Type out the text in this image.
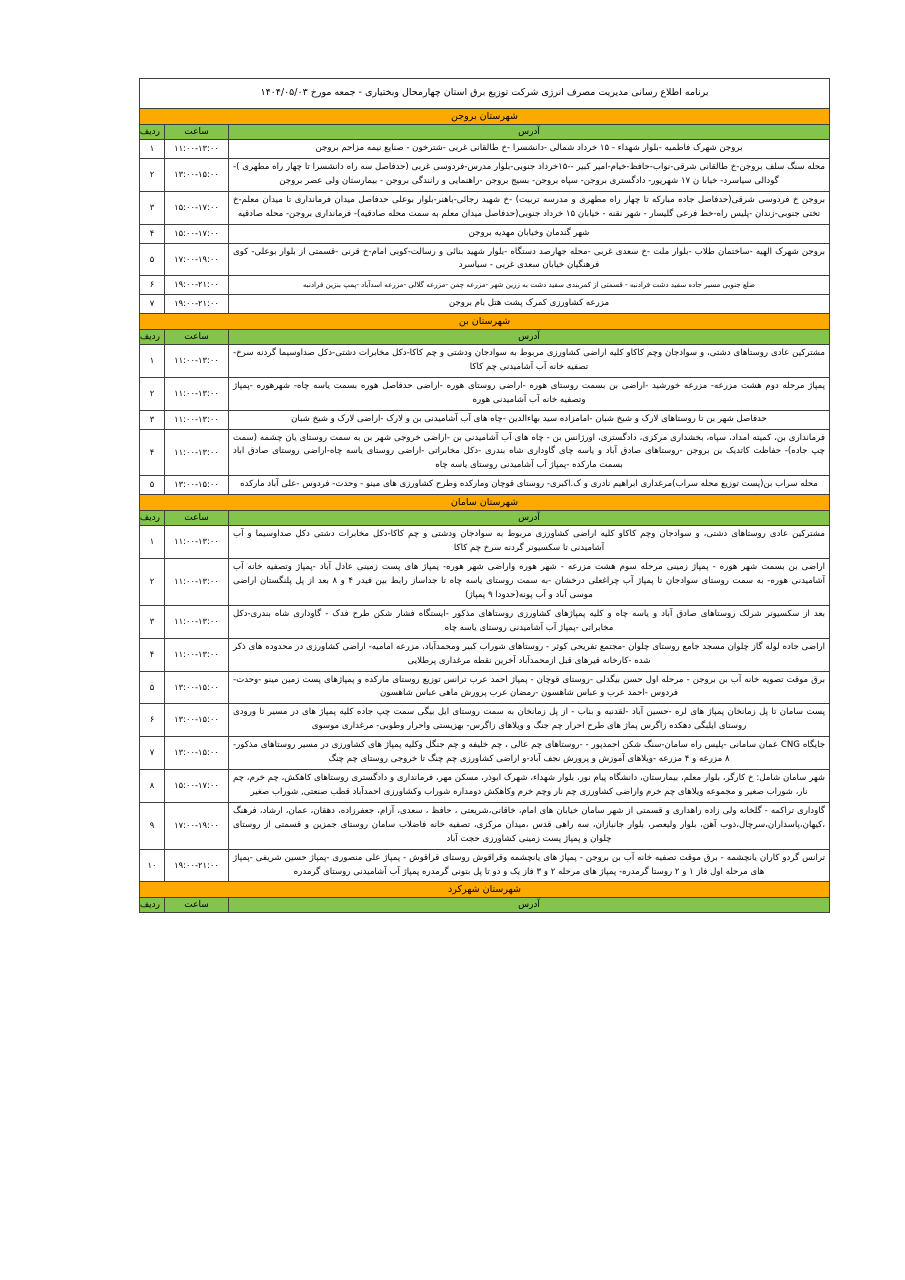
برنامه اطلاع رسانی مدیریت مصرف انرژی شرکت توزیع برق استان چهارمحال وبختیاری - جمعه مورخ ۱۴۰۴/۰۵/۰۳		
شهرستان بروجن		
آدرس	ساعت	ردیف
بروجن شهرک فاطمیه -بلوار شهداء - ۱۵ خرداد شمالی -دانشسرا -خ طالقانی غربی -شترخون - صنایع نیمه مزاحم بروجن	۱۱:۰۰-۱۳:۰۰	۱
محله سنگ سلف بروجن-خ طالقانی شرقی-نواب-حافظ-خیام-امیر کبیر --۱۵خرداد جنوبی-بلوار مدرس-فردوسی غربی (حدفاصل سه راه دانشسرا تا چهار راه مطهری )-گودالی سیاسرد- خیابا ن ۱۷ شهریور- دادگستری بروجن- سپاه بروجن- بسیج بروجن -راهنمایی و رانندگی بروجن - بیمارستان ولی عصر بروجن	۱۳:۰۰-۱۵:۰۰	۲
بروجن خ فردوسی شرقی(حدفاصل جاده مبارکه تا چهار راه مطهری و مدرسه تربیت) -خ شهید رجائی-باهنر-بلوار بوعلی حدفاصل میدان فرمانداری تا میدان معلم-خ تختی جنوبی-زندان -پلیس راه-خط فرعی گلیسار - شهر نقنه - خیابان ۱۵ خرداد جنوبی(حدفاصل میدان معلم به سمت محله صادقیه)- فرمانداری بروجن- محله صادقیه	۱۵:۰۰-۱۷:۰۰	۳
شهر گندمان وخیابان مهدیه بروجن	۱۵:۰۰-۱۷:۰۰	۴
بروجن شهرک الهیه -ساختمان طلاب -بلوار ملت -خ سعدی غربی -محله جهارصد دستگاه -بلوار شهید بنائی و رسالت-کوبی امام-خ قرنی -قسمتی از بلوار بوعلی- کوی فرهنگیان خیابان سعدی غربی - سیاسرد	۱۷:۰۰-۱۹:۰۰	۵
ضلع جنوبی مسیر جاده سفید دشت فرادنبه - قسمتی از کمربندی سفید دشت به زرین شهر -مزرعه چمن -مزرعه گلالی -مزرعه اسدآباد -پمپ بنزین فرادنبه	۱۹:۰۰-۲۱:۰۰	۶
مزرعه کشاورزی کمرک پشت هتل بام بروجن	۱۹:۰۰-۲۱:۰۰	۷
شهرستان بن		
آدرس	ساعت	ردیف
مشترکین عادی روستاهای دشتی، و سوادجان وچم کاکاو کلیه اراضی کشاورزی مربوط به سوادجان ودشتی و چم کاکا-دکل مخابرات دشتی-دکل صداوسیما گردنه سرخ-تصفیه خانه آب آشامیدنی چم کاکا	۱۱:۰۰-۱۳:۰۰	۱
پمپاژ مرحله دوم هشت مزرعه- مزرعه خورشید -اراضی بن بسمت روستای هوره -اراضی روستای هوره -اراضی حدفاصل هوره بسمت یاسه چاه- شهرهوره -پمپاژ وتصفیه خانه آب آشامیدنی هوره	۱۱:۰۰-۱۳:۰۰	۲
حدفاصل شهر بن تا روستاهای لارک و شیخ شبان -امامزاده سید بهاءالدین -چاه های آب آشامیدنی بن و لارک -اراضی لارک و شیخ شبان	۱۱:۰۰-۱۳:۰۰	۳
فرمانداری بن، کمیته امداد، سپاه، بخشداری مرکزی، دادگستری، اورژانس بن - چاه های آب آشامیدنی بن -اراضی خروجی شهر بن به سمت روستای یان چشمه (سمت چپ جاده)- حفاظت کاتدیک بن بروجن -روستاهای صادق آباد و یاسه چای گاوداری شاه بندری -دکل مخابراتی -اراضی روستای یاسه چاه-اراضی روستای صادق اباد بسمت مارکده -پمپاژ آب آشامیدنی روستای یاسه چاه	۱۱:۰۰-۱۳:۰۰	۴
محله سراب بن(پست توزیع محله سراب)مرغداری ابراهیم نادری و ک.اکبری- روستای قوچان ومارکده وطرح کشاورزی های مینو - وحدت- فردوس -علی آباد مارکده	۱۳:۰۰-۱۵:۰۰	۵
شهرستان سامان		
آدرس	ساعت	ردیف
مشترکین عادی روستاهای دشتی، و سوادجان وچم کاکاو کلیه اراضی کشاورزی مربوط به سوادجان ودشتی و چم کاکا-دکل مخابرات دشتی دکل صداوسیما و آب آشامیدنی تا سکسیونر گردنه سرخ چم کاکا	۱۱:۰۰-۱۳:۰۰	۱
اراضی بن بسمت شهر هوره - پمپاژ زمینی مرحله سوم هشت مزرعه - شهر هوره واراضی شهر هوره- پمپاژ های پست زمینی عادل آباد -پمپاژ وتصفیه خانه آب آشامیدنی هوره- به سمت روستای سوادجان تا پمپاژ آب چراغعلی درخشان -به سمت روستای یاسه چاه تا جداساز رابط بین فیدر ۴ و ۸ بعد از پل پلنگستان اراضی موسی آباد و آب پونه(حدودا ۹ پمپاژ)	۱۱:۰۰-۱۳:۰۰	۲
بعد از سکسیونر شرلک روستاهای صادق آباد و یاسه چاه و کلیه پمپاژهای کشاورزی روستاهای مذکور -ایستگاه فشار شکن طرح فدک - گاوداری شاه بندری-دکل مخابراتی -پمپاژ آب آشامیدنی روستای یاسه چاه	۱۱:۰۰-۱۳:۰۰	۳
اراضی جاده لوله گاز چلوان مسجد جامع روستای چلوان -مجتمع تفریحی کوثر - روستاهای شوراب کبیر ومحمدآباد، مزرعه امامیه- اراضی کشاورزی در محدوده های ذکر شده -کارخانه قیرهای قبل ازمحمدآباد آخرین نقطه مرغداری پرطلایی	۱۱:۰۰-۱۳:۰۰	۴
برق موقت تصویه خانه آب بن بروجن - مرحله اول حسن بیگدلی -روستای قوچان - پمپاژ احمد عرب ترانس توزیع روستای مارکده و پمپاژهای پست زمین مینو -وحدت- فردوس -احمد عرب و عباس شاهسون -رمضان عرب پرورش ماهی عباس شاهسون	۱۳:۰۰-۱۵:۰۰	۵
پست سامان تا پل زمانخان پمپاژ های لره -حسین آباد -لقدنبه و بناب - از پل زمانخان به سمت روستای ایل بیگی سمت چپ جاده کلیه پمپاژ های در مسیر تا ورودی روستای ایلبگی دهکده زاگرس پماژ های طرح احرار چم جنگ و ویلاهای زاگرس- بهزیستی واحرار وطوبی- مرغداری موسوی	۱۳:۰۰-۱۵:۰۰	۶
جایگاه CNG عمان سامانی -پلیس راه سامان-سنگ شکن احمدپور - -روستاهای چم عالی ، چم خلیفه و چم جنگل وکلیه پمپاژ های کشاورزی در مسیر روستاهای مذکور- ۸ مزرعه و ۴ مزرعه -ویلاهای آموزش و پرورش نجف آباد-و اراضی کشاورزی چم چنگ تا خروجی روستای چم چنگ	۱۳:۰۰-۱۵:۰۰	۷
شهر سامان شامل: خ کارگر، بلوار معلم، بیمارستان، دانشگاه پیام نور، بلوار شهداء، شهرک ابوذر، مسکن مهر، فرمانداری و دادگستری روستاهای کاهکش، چم خرم، چم نار، شوراب صغیر و مجموعه ویلاهای چم خرم واراضی کشاورزی چم نار وچم خرم وکاهکش دومداره شوراب وکشاورزی احمدآباد قطب صنعتی, شوراب صغیر	۱۵:۰۰-۱۷:۰۰	۸
گاوداری تراکمه - گلخانه ولی زاده راهداری و قسمتی از شهر سامان خیابان های امام، خاقانی،شریعتی ، حافظ ، سعدی، آرام، جعفرزاده، دهقان، عمان، ارشاد، فرهنگ ،کیهان،پاسداران،سرچال،ذوب آهن، بلوار ولیعصر، بلوار جانبازان، سه راهی قدس ،میدان مرکزی، تصفیه خانه فاضلاب سامان روستای جمزین و قسمتی از روستای چلوان و پمپاژ پست زمینی کشاورزی حجت آباد	۱۷:۰۰-۱۹:۰۰	۹
ترانس گردو کاران یانچشمه - برق موقت تصفیه خانه آب بن بروجن - پمپاژ های یانچشمه وقراقوش روستای قراقوش - پمپاژ علی منصوری -پمپاژ حسین شریفی -پمپاژ های مرحله اول فاز ۱ و ۲ روستا گرمدره- پمپاژ های مرحله ۲ و ۳ فاز یک و دو تا پل بتونی گرمدره پمپاژ آب آشامیدنی روستای گرمدره	۱۹:۰۰-۲۱:۰۰	۱۰
شهرستان شهرکرد		
آدرس	ساعت	ردیف
